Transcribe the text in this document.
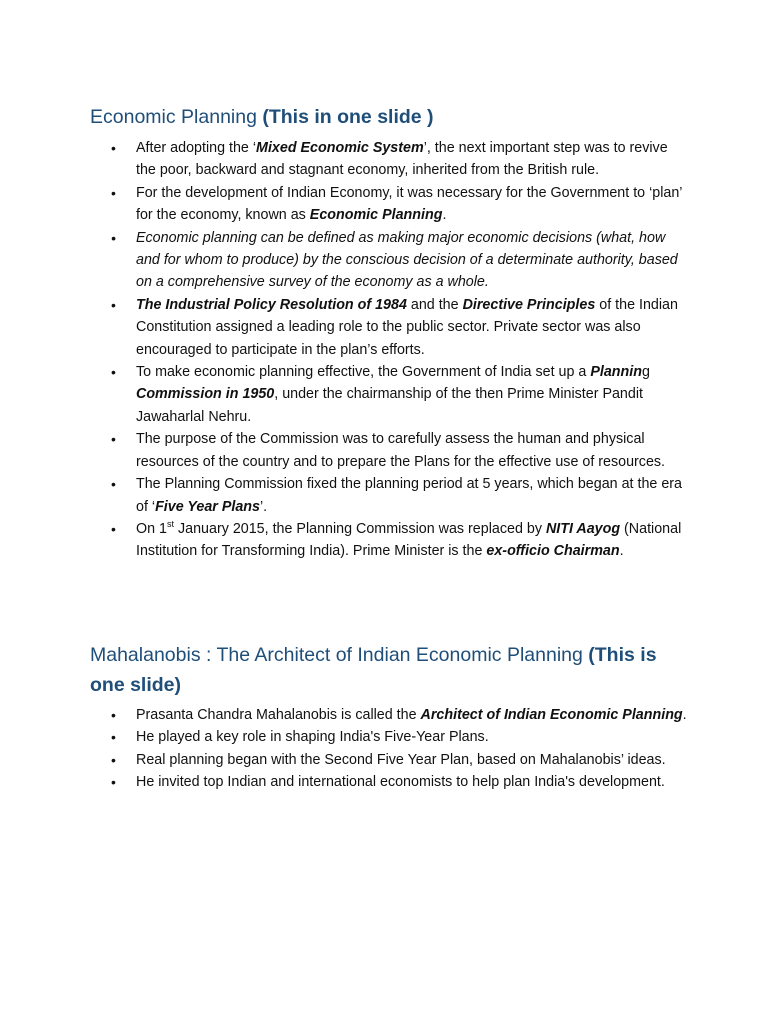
Economic Planning (This in one slide )
• After adopting the ‘Mixed Economic System’, the next important step was to revive the poor, backward and stagnant economy, inherited from the British rule.
• For the development of Indian Economy, it was necessary for the Government to ‘plan’ for the economy, known as Economic Planning.
• Economic planning can be defined as making major economic decisions (what, how and for whom to produce) by the conscious decision of a determinate authority, based on a comprehensive survey of the economy as a whole.
• The Industrial Policy Resolution of 1984 and the Directive Principles of the Indian Constitution assigned a leading role to the public sector. Private sector was also encouraged to participate in the plan’s efforts.
• To make economic planning effective, the Government of India set up a Planning Commission in 1950, under the chairmanship of the then Prime Minister Pandit Jawaharlal Nehru.
• The purpose of the Commission was to carefully assess the human and physical resources of the country and to prepare the Plans for the effective use of resources.
• The Planning Commission fixed the planning period at 5 years, which began at the era of ‘Five Year Plans’.
• On 1st January 2015, the Planning Commission was replaced by NITI Aayog (National Institution for Transforming India). Prime Minister is the ex-officio Chairman.
Mahalanobis : The Architect of Indian Economic Planning (This is one slide)
• Prasanta Chandra Mahalanobis is called the Architect of Indian Economic Planning.
• He played a key role in shaping India's Five-Year Plans.
• Real planning began with the Second Five Year Plan, based on Mahalanobis’ ideas.
• He invited top Indian and international economists to help plan India's development.
